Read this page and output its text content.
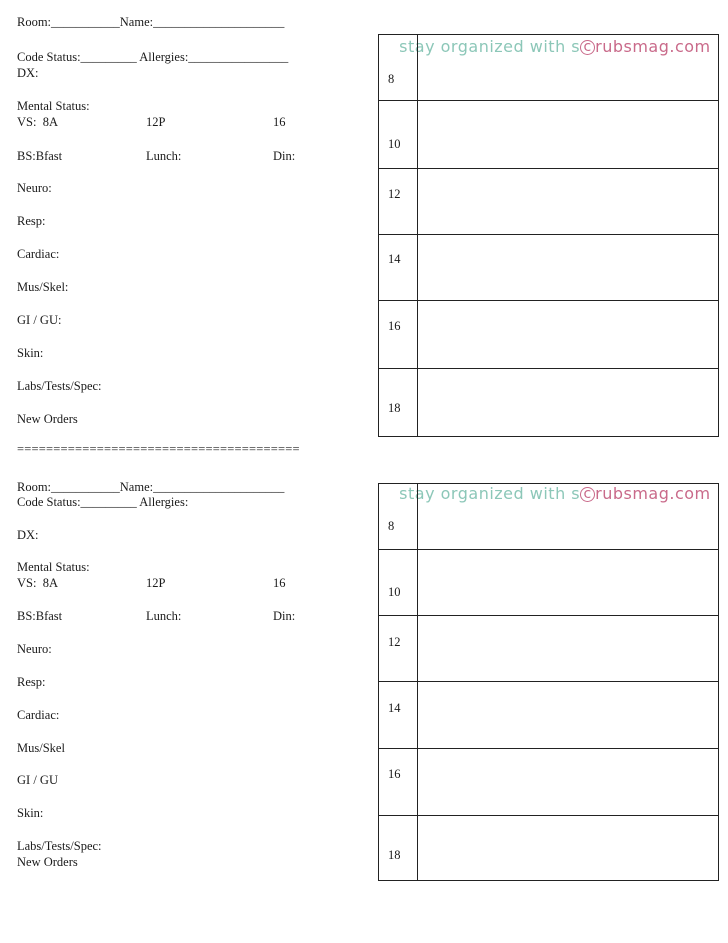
Room:___________Name:_____________________
Code Status:_________ Allergies:________________
DX:
Mental Status:
VS:  8A	12P	16
BS:Bfast	Lunch:	Din:
Neuro:
Resp:
Cardiac:
Mus/Skel:
GI / GU:
Skin:
Labs/Tests/Spec:
New Orders

stay organized with s c rubsmag.com

8
10
12
14
16
18
=======================================
Room:___________Name:_____________________
Code Status:_________ Allergies:
DX:
Mental Status:
VS:  8A	12P	16
BS:Bfast	Lunch:	Din:
Neuro:
Resp:
Cardiac:
Mus/Skel
GI / GU
Skin:
Labs/Tests/Spec:
New Orders

stay organized with s c rubsmag.com

8
10
12
14
16
18
